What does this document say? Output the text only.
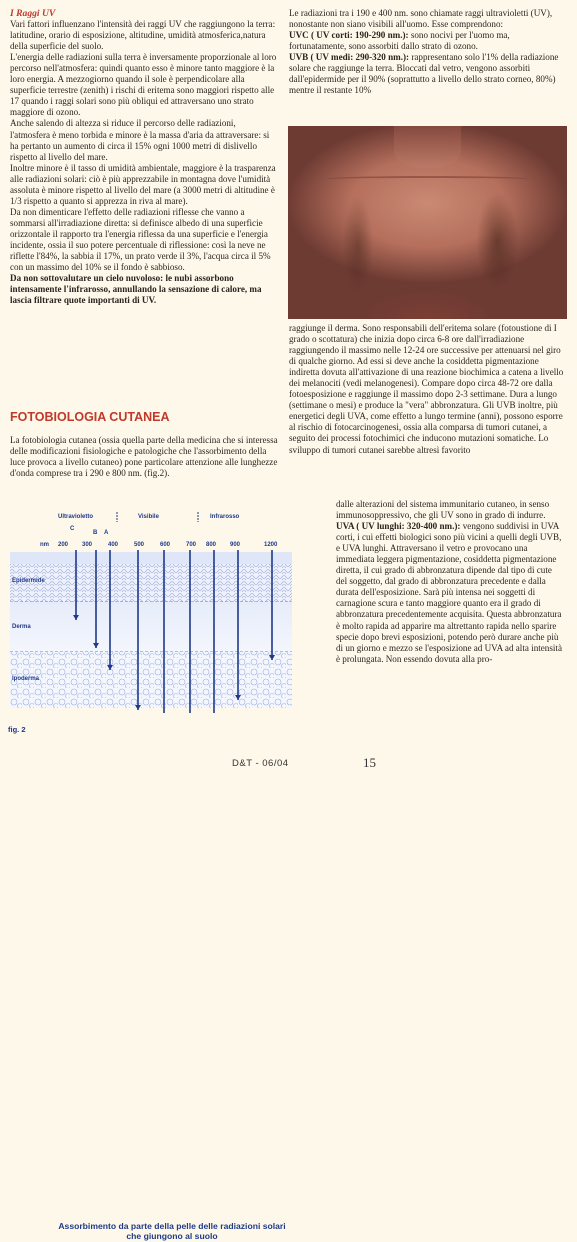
I Raggi UV

Vari fattori influenzano l'intensità dei raggi UV che raggiungono la terra: latitudine, orario di esposizione, altitudine, umidità atmosferica,natura della superficie del suolo.

L'energia delle radiazioni sulla terra è inversamente proporzionale al loro percorso nell'atmosfera: quindi quanto esso è minore tanto maggiore è la loro energia. A mezzogiorno quando il sole è perpendicolare alla superficie terrestre (zenith) i rischi di eritema sono maggiori rispetto alle 17 quando i raggi solari sono più obliqui ed attraversano uno strato maggiore di ozono.

Anche salendo di altezza si riduce il percorso delle radiazioni, l'atmosfera è meno torbida e minore è la massa d'aria da attraversare: si ha pertanto un aumento di circa il 15% ogni 1000 metri di dislivello rispetto al livello del mare.

Inoltre minore è il tasso di umidità ambientale, maggiore è la trasparenza alle radiazioni solari: ciò è più apprezzabile in montagna dove l'umidità assoluta è minore rispetto al livello del mare (a 3000 metri di altitudine è 1/3 rispetto a quanto si apprezza in riva al mare).

Da non dimenticare l'effetto delle radiazioni riflesse che vanno a sommarsi all'irradiazione diretta: si definisce albedo di una superficie orizzontale il rapporto tra l'energia riflessa da una superficie e l'energia incidente, ossia il suo potere percentuale di riflessione: così la neve ne riflette l'84%, la sabbia il 17%, un prato verde il 3%, l'acqua circa il 5% con un massimo del 10% se il fondo è sabbioso.

Da non sottovalutare un cielo nuvoloso: le nubi assorbono intensamente l'infrarosso, annullando la sensazione di calore, ma lascia filtrare quote importanti di UV.

FOTOBIOLOGIA CUTANEA

La fotobiologia cutanea (ossia quella parte della medicina che si interessa delle modificazioni fisiologiche e patologiche che l'assorbimento della luce provoca a livello cutaneo) pone particolare attenzione alle lunghezze d'onda comprese tra i 290 e 800 nm. (fig.2).

Le radiazioni tra i 190 e 400 nm. sono chiamate raggi ultravioletti (UV), nonostante non siano visibili all'uomo. Esse comprendono:

UVC ( UV corti: 190-290 nm.): sono nocivi per l'uomo ma, fortunatamente, sono assorbiti dallo strato di ozono.

UVB ( UV medi: 290-320 nm.): rappresentano solo l'1% della radiazione solare che raggiunge la terra. Bloccati dal vetro, vengono assorbiti dall'epidermide per il 90% (soprattutto a livello dello strato corneo, 80%) mentre il restante 10%

raggiunge il derma. Sono responsabili dell'eritema solare (fotoustione di I grado o scottatura) che inizia dopo circa 6-8 ore dall'irradiazione raggiungendo il massimo nelle 12-24 ore successive per attenuarsi nel giro di qualche giorno. Ad essi si deve anche la cosiddetta pigmentazione indiretta dovuta all'attivazione di una reazione biochimica a catena a livello dei melanociti (vedi melanogenesi). Compare dopo circa 48-72 ore dalla fotoesposizione e raggiunge il massimo dopo 2-3 settimane. Dura a lungo (settimane o mesi) e produce la "vera" abbronzatura. Gli UVB inoltre, più energetici degli UVA, come effetto a lungo termine (anni), possono esporre al rischio di fotocarcinogenesi, ossia alla comparsa di tumori cutanei, a seguito dei processi fotochimici che inducono mutazioni somatiche. Lo sviluppo di tumori cutanei sarebbe altresì favorito

dalle alterazioni del sistema immunitario cutaneo, in senso immunosoppressivo, che gli UV sono in grado di indurre.

UVA ( UV lunghi: 320-400 nm.): vengono suddivisi in UVA corti, i cui effetti biologici sono più vicini a quelli degli UVB, e UVA lunghi. Attraversano il vetro e provocano una immediata leggera pigmentazione, cosiddetta pigmentazione diretta, il cui grado di abbronzatura dipende dal tipo di cute del soggetto, dal grado di abbronzatura precedente e dalla durata dell'esposizione. Sarà più intensa nei soggetti di carnagione scura e tanto maggiore quanto era il grado di abbronzatura precedentemente acquisita. Questa abbronzatura è molto rapida ad apparire ma altrettanto rapida nello sparire specie dopo brevi esposizioni, potendo però durare anche più di un giorno e mezzo se l'esposizione ad UVA ad alta intensità è prolungata. Non essendo dovuta alla pro-

Ultravioletto	Visibile	Infrarosso
C
B A
nm 200 300	400	500	600	700 800 900	1200
Epidermide
Derma
Ipoderma
Assorbimento da parte della pelle delle radiazioni solari che giungono al suolo
fig. 2
D&T - 06/04	15
